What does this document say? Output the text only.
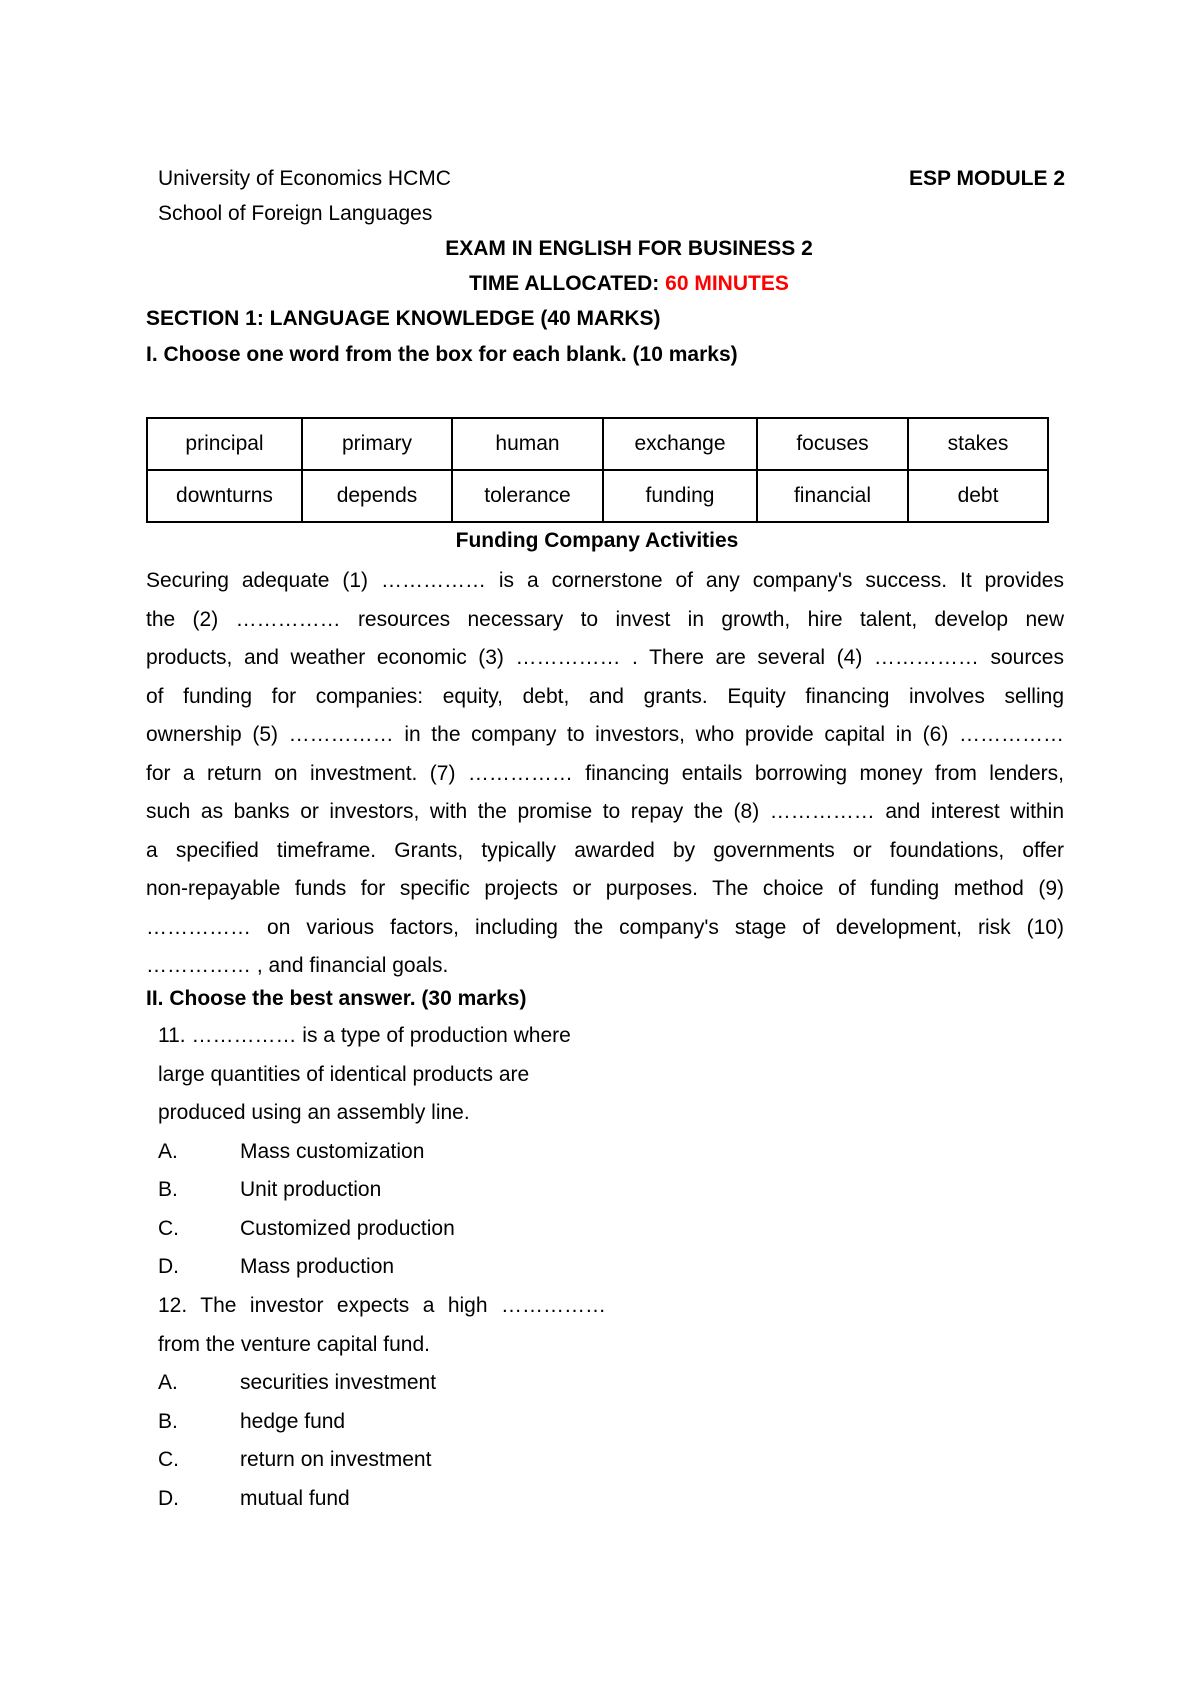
University of Economics HCMC	ESP MODULE 2
School of Foreign Languages
EXAM IN ENGLISH FOR BUSINESS 2
TIME ALLOCATED: 60 MINUTES
SECTION 1: LANGUAGE KNOWLEDGE (40 MARKS)
I. Choose one word from the box for each blank. (10 marks)
principal	primary	human	exchange	focuses	stakes
downturns	depends	tolerance	funding	financial	debt
Funding Company Activities
Securing adequate (1) …………… is a cornerstone of any company's success. It provides
the (2) …………… resources necessary to invest in growth, hire talent, develop new
products, and weather economic (3) …………… . There are several (4) …………… sources
of funding for companies: equity, debt, and grants. Equity financing involves selling
ownership (5) …………… in the company to investors, who provide capital in (6) ……………
for a return on investment. (7) …………… financing entails borrowing money from lenders,
such as banks or investors, with the promise to repay the (8) …………… and interest within
a specified timeframe. Grants, typically awarded by governments or foundations, offer
non-repayable funds for specific projects or purposes. The choice of funding method (9)
…………… on various factors, including the company's stage of development, risk (10)
…………… , and financial goals.
II. Choose the best answer. (30 marks)
11. …………… is a type of production where
large quantities of identical products are
produced using an assembly line.
A.	Mass customization
B.	Unit production
C.	Customized production
D.	Mass production
12. The investor expects a high ……………
from the venture capital fund.
A.	securities investment
B.	hedge fund
C.	return on investment
D.	mutual fund
